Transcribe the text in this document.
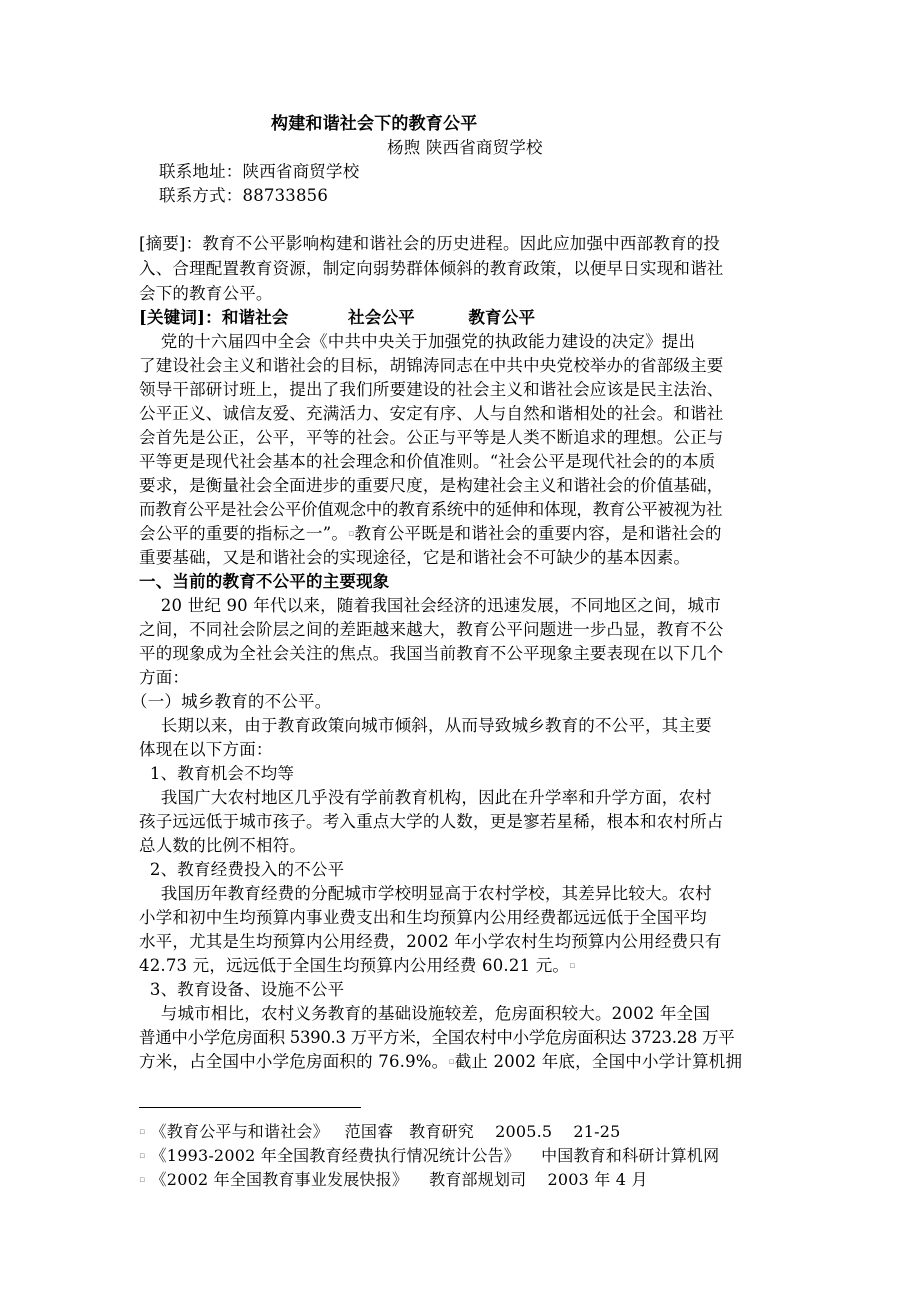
构建和谐社会下的教育公平
杨煦 陕西省商贸学校
联系地址：陕西省商贸学校
联系方式：88733856
[摘要]：教育不公平影响构建和谐社会的历史进程。因此应加强中西部教育的投
入、合理配置教育资源，制定向弱势群体倾斜的教育政策，以便早日实现和谐社
会下的教育公平。
[关键词]：和谐社会          社会公平         教育公平
党的十六届四中全会《中共中央关于加强党的执政能力建设的决定》提出
了建设社会主义和谐社会的目标，胡锦涛同志在中共中央党校举办的省部级主要
领导干部研讨班上，提出了我们所要建设的社会主义和谐社会应该是民主法治、
公平正义、诚信友爱、充满活力、安定有序、人与自然和谐相处的社会。和谐社
会首先是公正，公平，平等的社会。公正与平等是人类不断追求的理想。公正与
平等更是现代社会基本的社会理念和价值准则。“社会公平是现代社会的的本质
要求，是衡量社会全面进步的重要尺度，是构建社会主义和谐社会的价值基础，
而教育公平是社会公平价值观念中的教育系统中的延伸和体现，教育公平被视为社
会公平的重要的指标之一”。▫教育公平既是和谐社会的重要内容，是和谐社会的
重要基础，又是和谐社会的实现途径，它是和谐社会不可缺少的基本因素。
一、当前的教育不公平的主要现象
20 世纪 90 年代以来，随着我国社会经济的迅速发展，不同地区之间，城市
之间，不同社会阶层之间的差距越来越大，教育公平问题进一步凸显，教育不公
平的现象成为全社会关注的焦点。我国当前教育不公平现象主要表现在以下几个
方面：
（一）城乡教育的不公平。
长期以来，由于教育政策向城市倾斜，从而导致城乡教育的不公平，其主要
体现在以下方面：
1、教育机会不均等
我国广大农村地区几乎没有学前教育机构，因此在升学率和升学方面，农村
孩子远远低于城市孩子。考入重点大学的人数，更是寥若星稀，根本和农村所占
总人数的比例不相符。
2、教育经费投入的不公平
我国历年教育经费的分配城市学校明显高于农村学校，其差异比较大。农村
小学和初中生均预算内事业费支出和生均预算内公用经费都远远低于全国平均
水平，尤其是生均预算内公用经费，2002 年小学农村生均预算内公用经费只有
42.73 元，远远低于全国生均预算内公用经费 60.21 元。▫
3、教育设备、设施不公平
与城市相比，农村义务教育的基础设施较差，危房面积较大。2002 年全国
普通中小学危房面积 5390.3 万平方米，全国农村中小学危房面积达 3723.28 万平
方米，占全国中小学危房面积的 76.9%。▫截止 2002 年底，全国中小学计算机拥
▫ 《教育公平与和谐社会》   范国睿   教育研究    2005.5    21-25
▫ 《1993-2002 年全国教育经费执行情况统计公告》    中国教育和科研计算机网
▫ 《2002 年全国教育事业发展快报》    教育部规划司    2003 年 4 月
